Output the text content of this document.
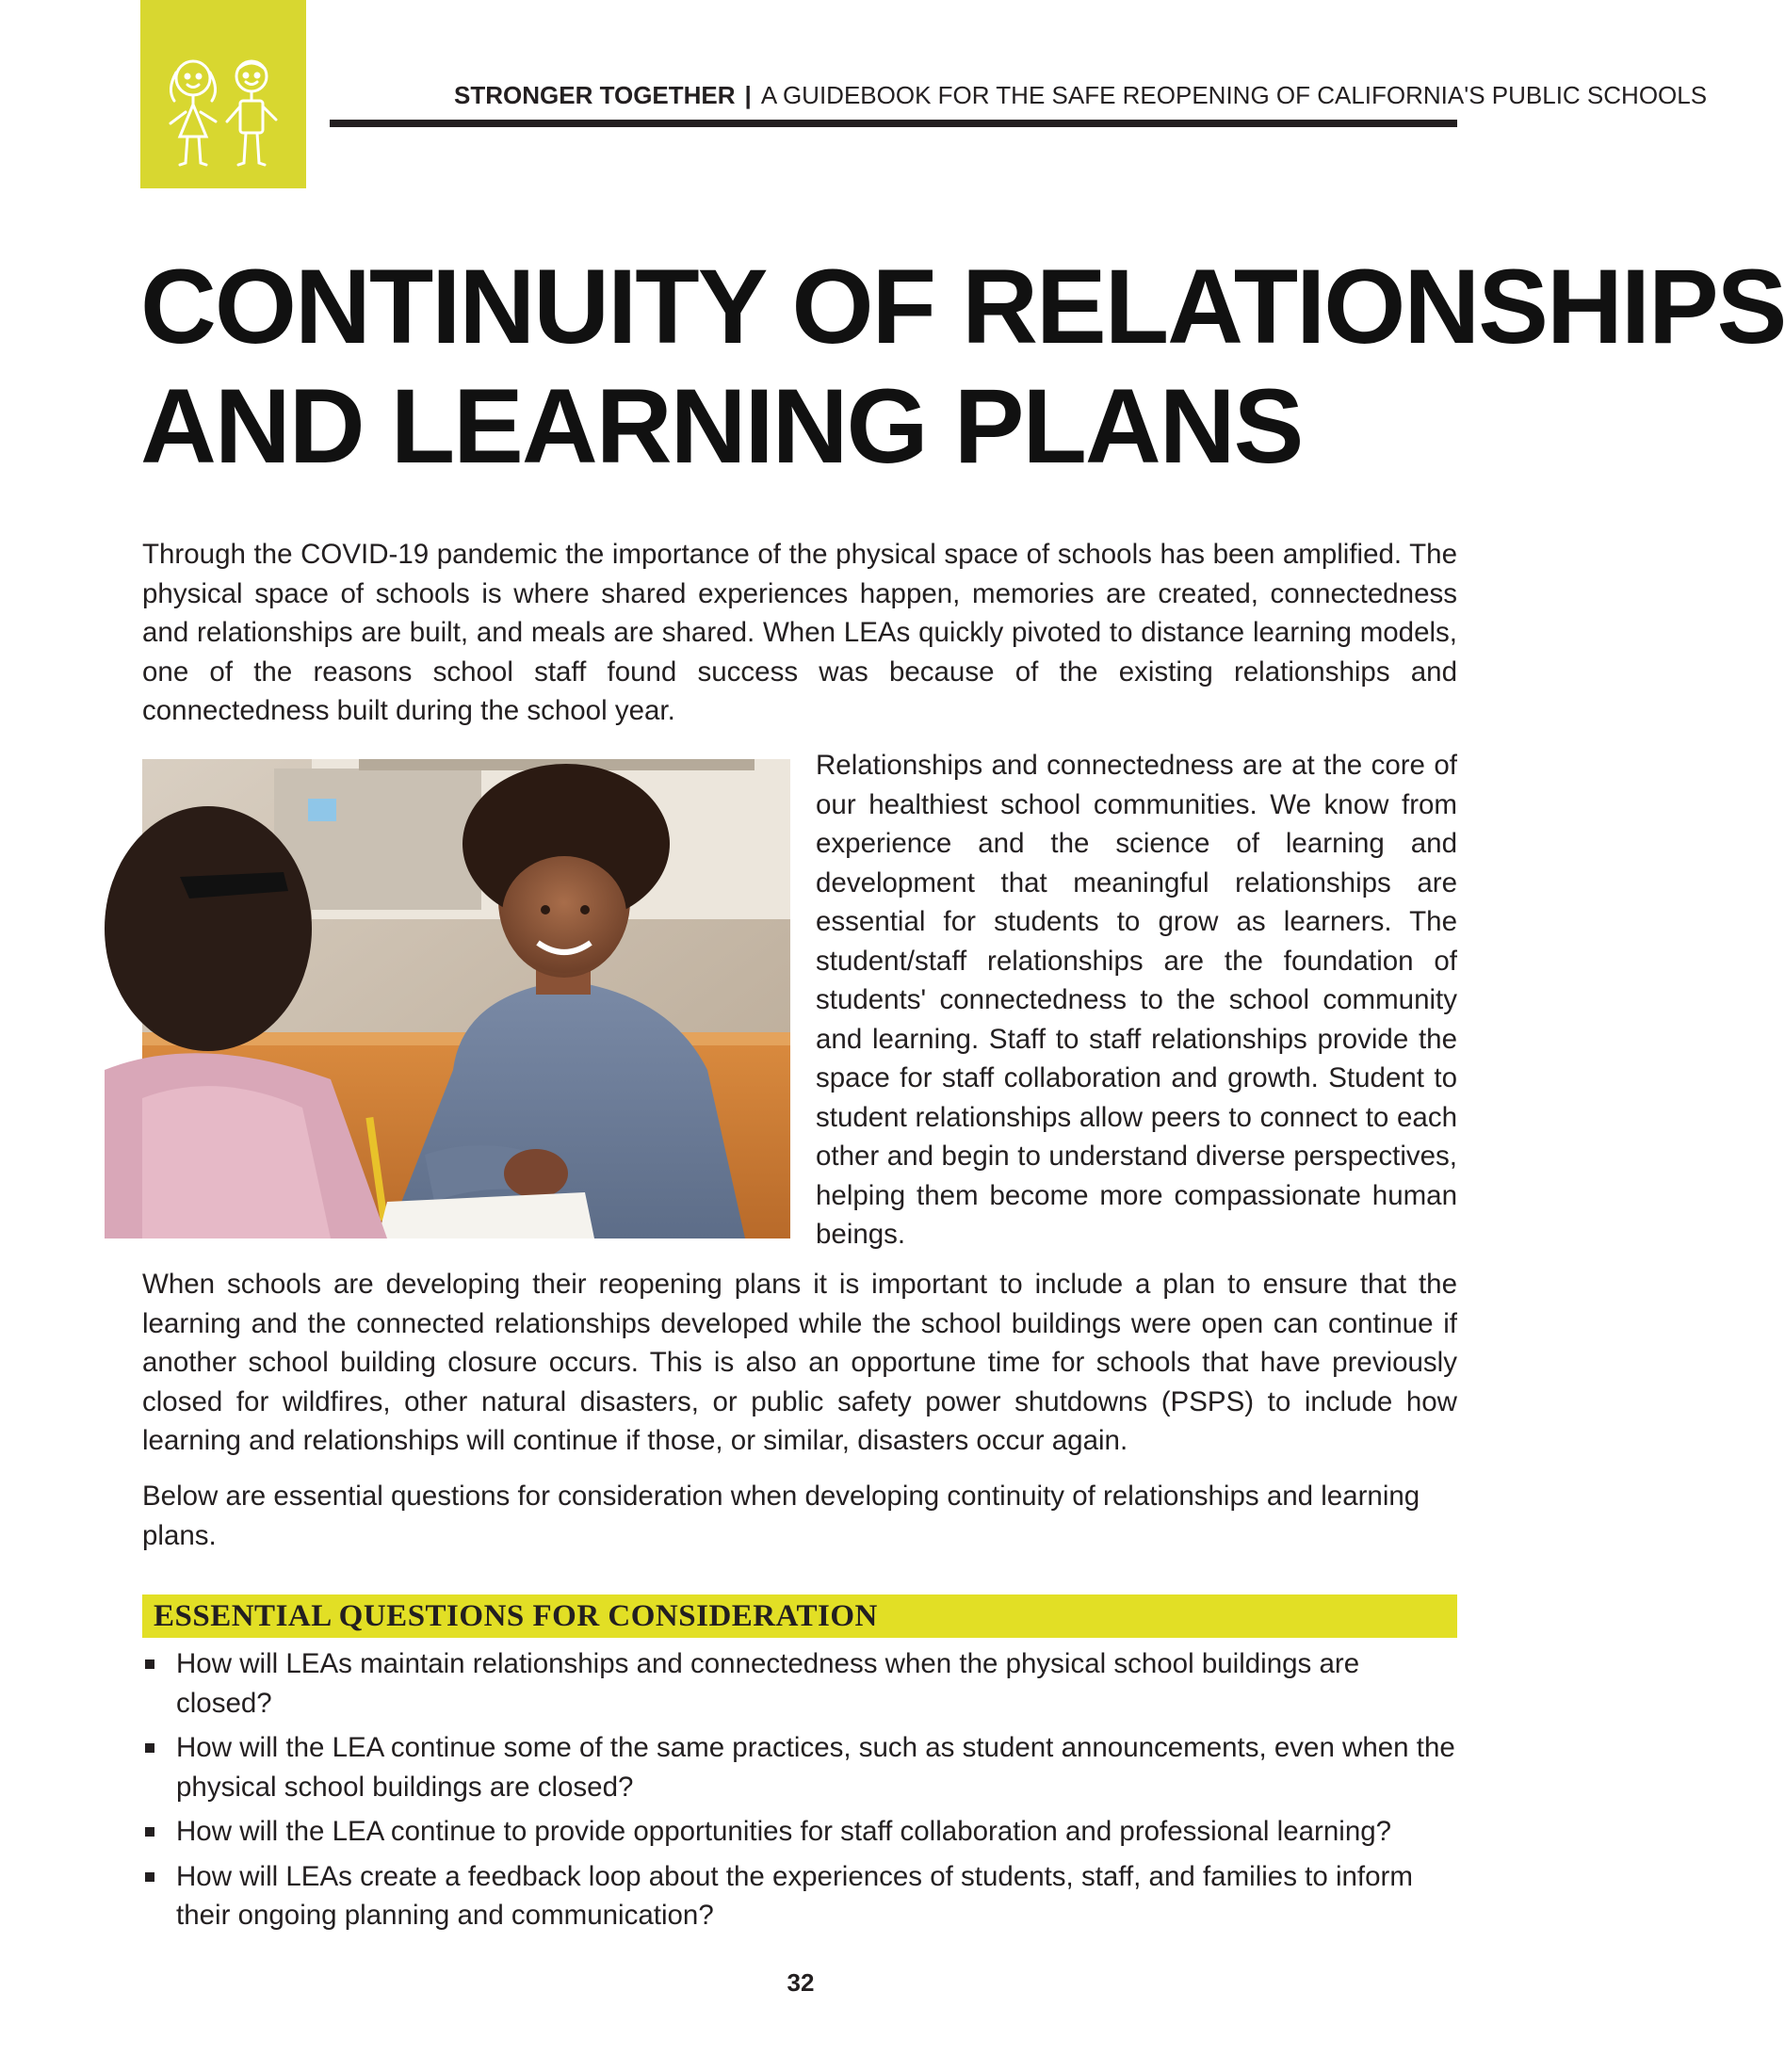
STRONGER TOGETHER | A GUIDEBOOK FOR THE SAFE REOPENING OF CALIFORNIA'S PUBLIC SCHOOLS
CONTINUITY OF RELATIONSHIPS
AND LEARNING PLANS

Through the COVID-19 pandemic the importance of the physical space of schools has been amplified. The physical space of schools is where shared experiences happen, memories are created, connectedness and relationships are built, and meals are shared. When LEAs quickly pivoted to distance learning models, one of the reasons school staff found success was because of the existing relationships and connectedness built during the school year.

Relationships and connectedness are at the core of our healthiest school communities. We know from experience and the science of learning and development that meaningful relationships are essential for students to grow as learners. The student/staff relationships are the foundation of students' connectedness to the school community and learning. Staff to staff relationships provide the space for staff collaboration and growth. Student to student relationships allow peers to connect to each other and begin to understand diverse perspectives, helping them become more compassionate human beings.

When schools are developing their reopening plans it is important to include a plan to ensure that the learning and the connected relationships developed while the school buildings were open can continue if another school building closure occurs. This is also an opportune time for schools that have previously closed for wildfires, other natural disasters, or public safety power shutdowns (PSPS) to include how learning and relationships will continue if those, or similar, disasters occur again.

Below are essential questions for consideration when developing continuity of relationships and learning plans.

ESSENTIAL QUESTIONS FOR CONSIDERATION
How will LEAs maintain relationships and connectedness when the physical school buildings are closed?
How will the LEA continue some of the same practices, such as student announcements, even when the physical school buildings are closed?
How will the LEA continue to provide opportunities for staff collaboration and professional learning?
How will LEAs create a feedback loop about the experiences of students, staff, and families to inform their ongoing planning and communication?
32
